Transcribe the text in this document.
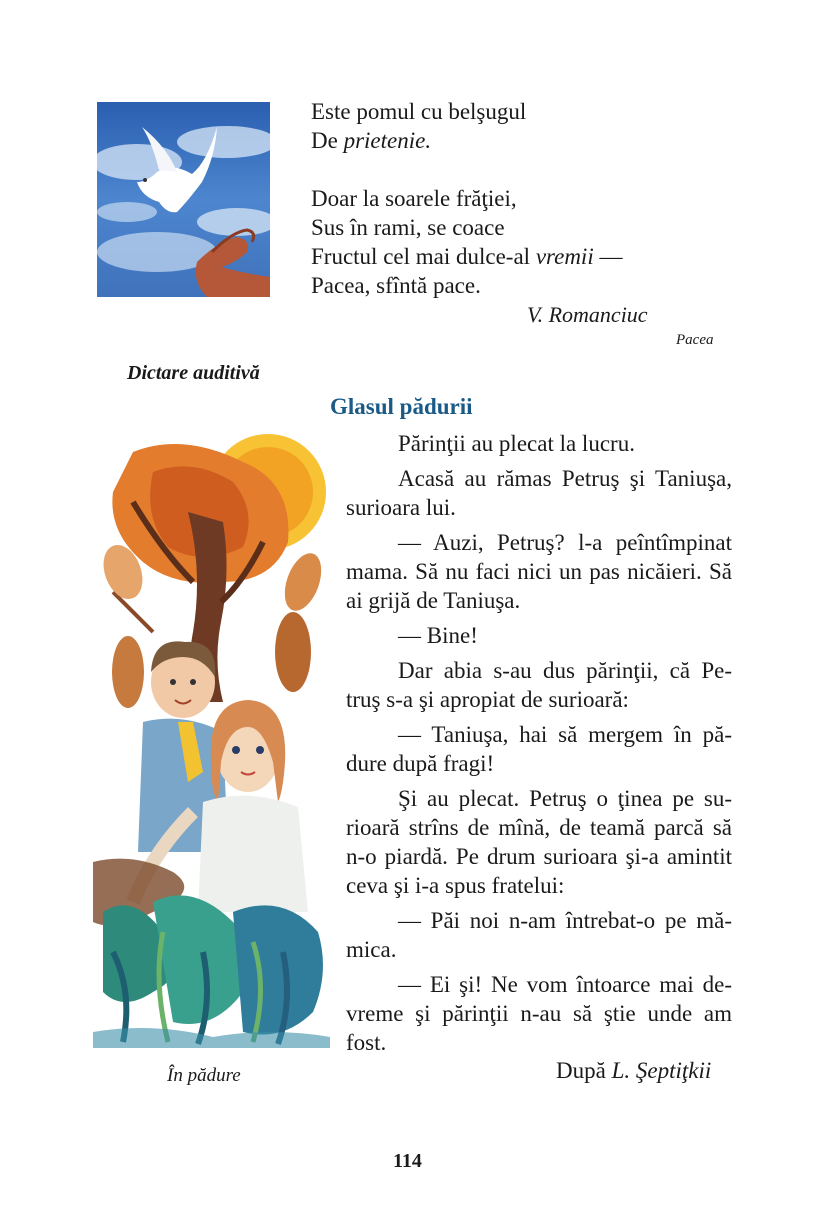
Este pomul cu belşugul
De prietenie.
Doar la soarele frăţiei,
Sus în rami, se coace
Fructul cel mai dulce-al vremii —
Pacea, sfîntă pace.
V. Romanciuc
Pacea
Dictare auditivă
Glasul pădurii
În pădure

Părinţii au plecat la lucru.

Acasă au rămas Petruş şi Taniuşa, surioara lui.

— Auzi, Petruş? l-a peîntîmpinat mama. Să nu faci nici un pas nicăieri. Să ai grijă de Taniuşa.

— Bine!

Dar abia s-au dus părinţii, că Pe-truş s-a şi apropiat de surioară:

— Taniuşa, hai să mergem în pă-dure după fragi!

Şi au plecat. Petruş o ţinea pe su-rioară strîns de mînă, de teamă parcă să n-o piardă. Pe drum surioara şi-a amintit ceva şi i-a spus fratelui:

— Păi noi n-am întrebat-o pe mă-mica.

— Ei şi! Ne vom întoarce mai de-vreme şi părinţii n-au să ştie unde am fost.

După L. Şeptiţkii
114
